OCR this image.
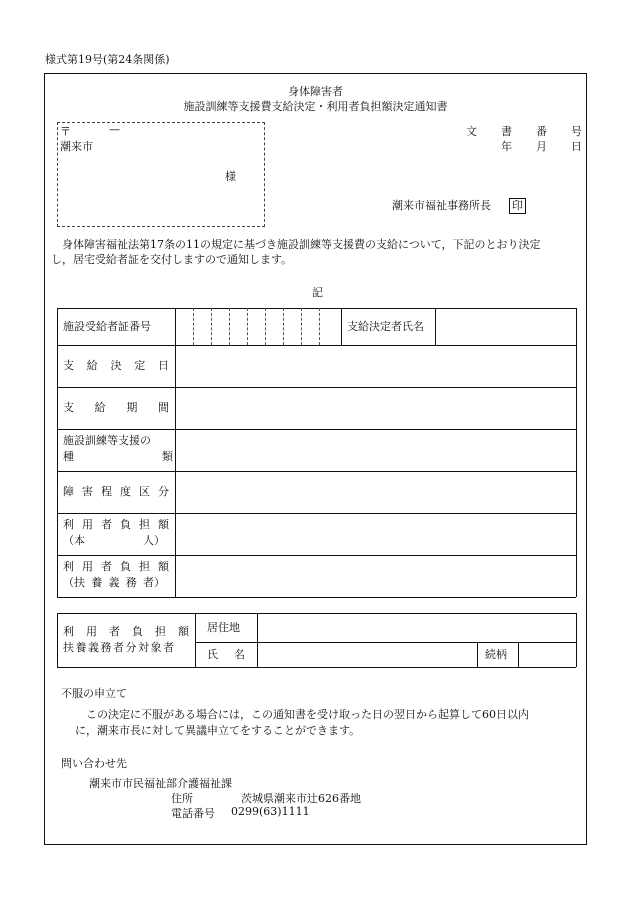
様式第19号(第24条関係)
身体障害者
施設訓練等支援費支給決定・利用者負担額決定通知書
〒	—
潮来市
様
文 書 番 号
年 月 日
潮来市福祉事務所長 印
　身体障害福祉法第17条の11の規定に基づき施設訓練等支援費の支給について，下記のとおり決定
し，居宅受給者証を交付しますので通知します。
記
施設受給者証番号	支給決定者氏名
支 給 決 定 日
支 給 期 間
施設訓練等支援の
種	類
障 害 程 度 区 分
利 用 者 負 担 額
（本	人）
利 用 者 負 担 額
（扶 養 義 務 者）
利 用 者 負 担 額
扶養義務者分対象者
居住地
氏 名	続柄
不服の申立て
　この決定に不服がある場合には，この通知書を受け取った日の翌日から起算して60日以内
に，潮来市長に対して異議申立てをすることができます。
問い合わせ先
潮来市市民福祉部介護福祉課
住所	茨城県潮来市辻626番地
電話番号 0299(63)1111
